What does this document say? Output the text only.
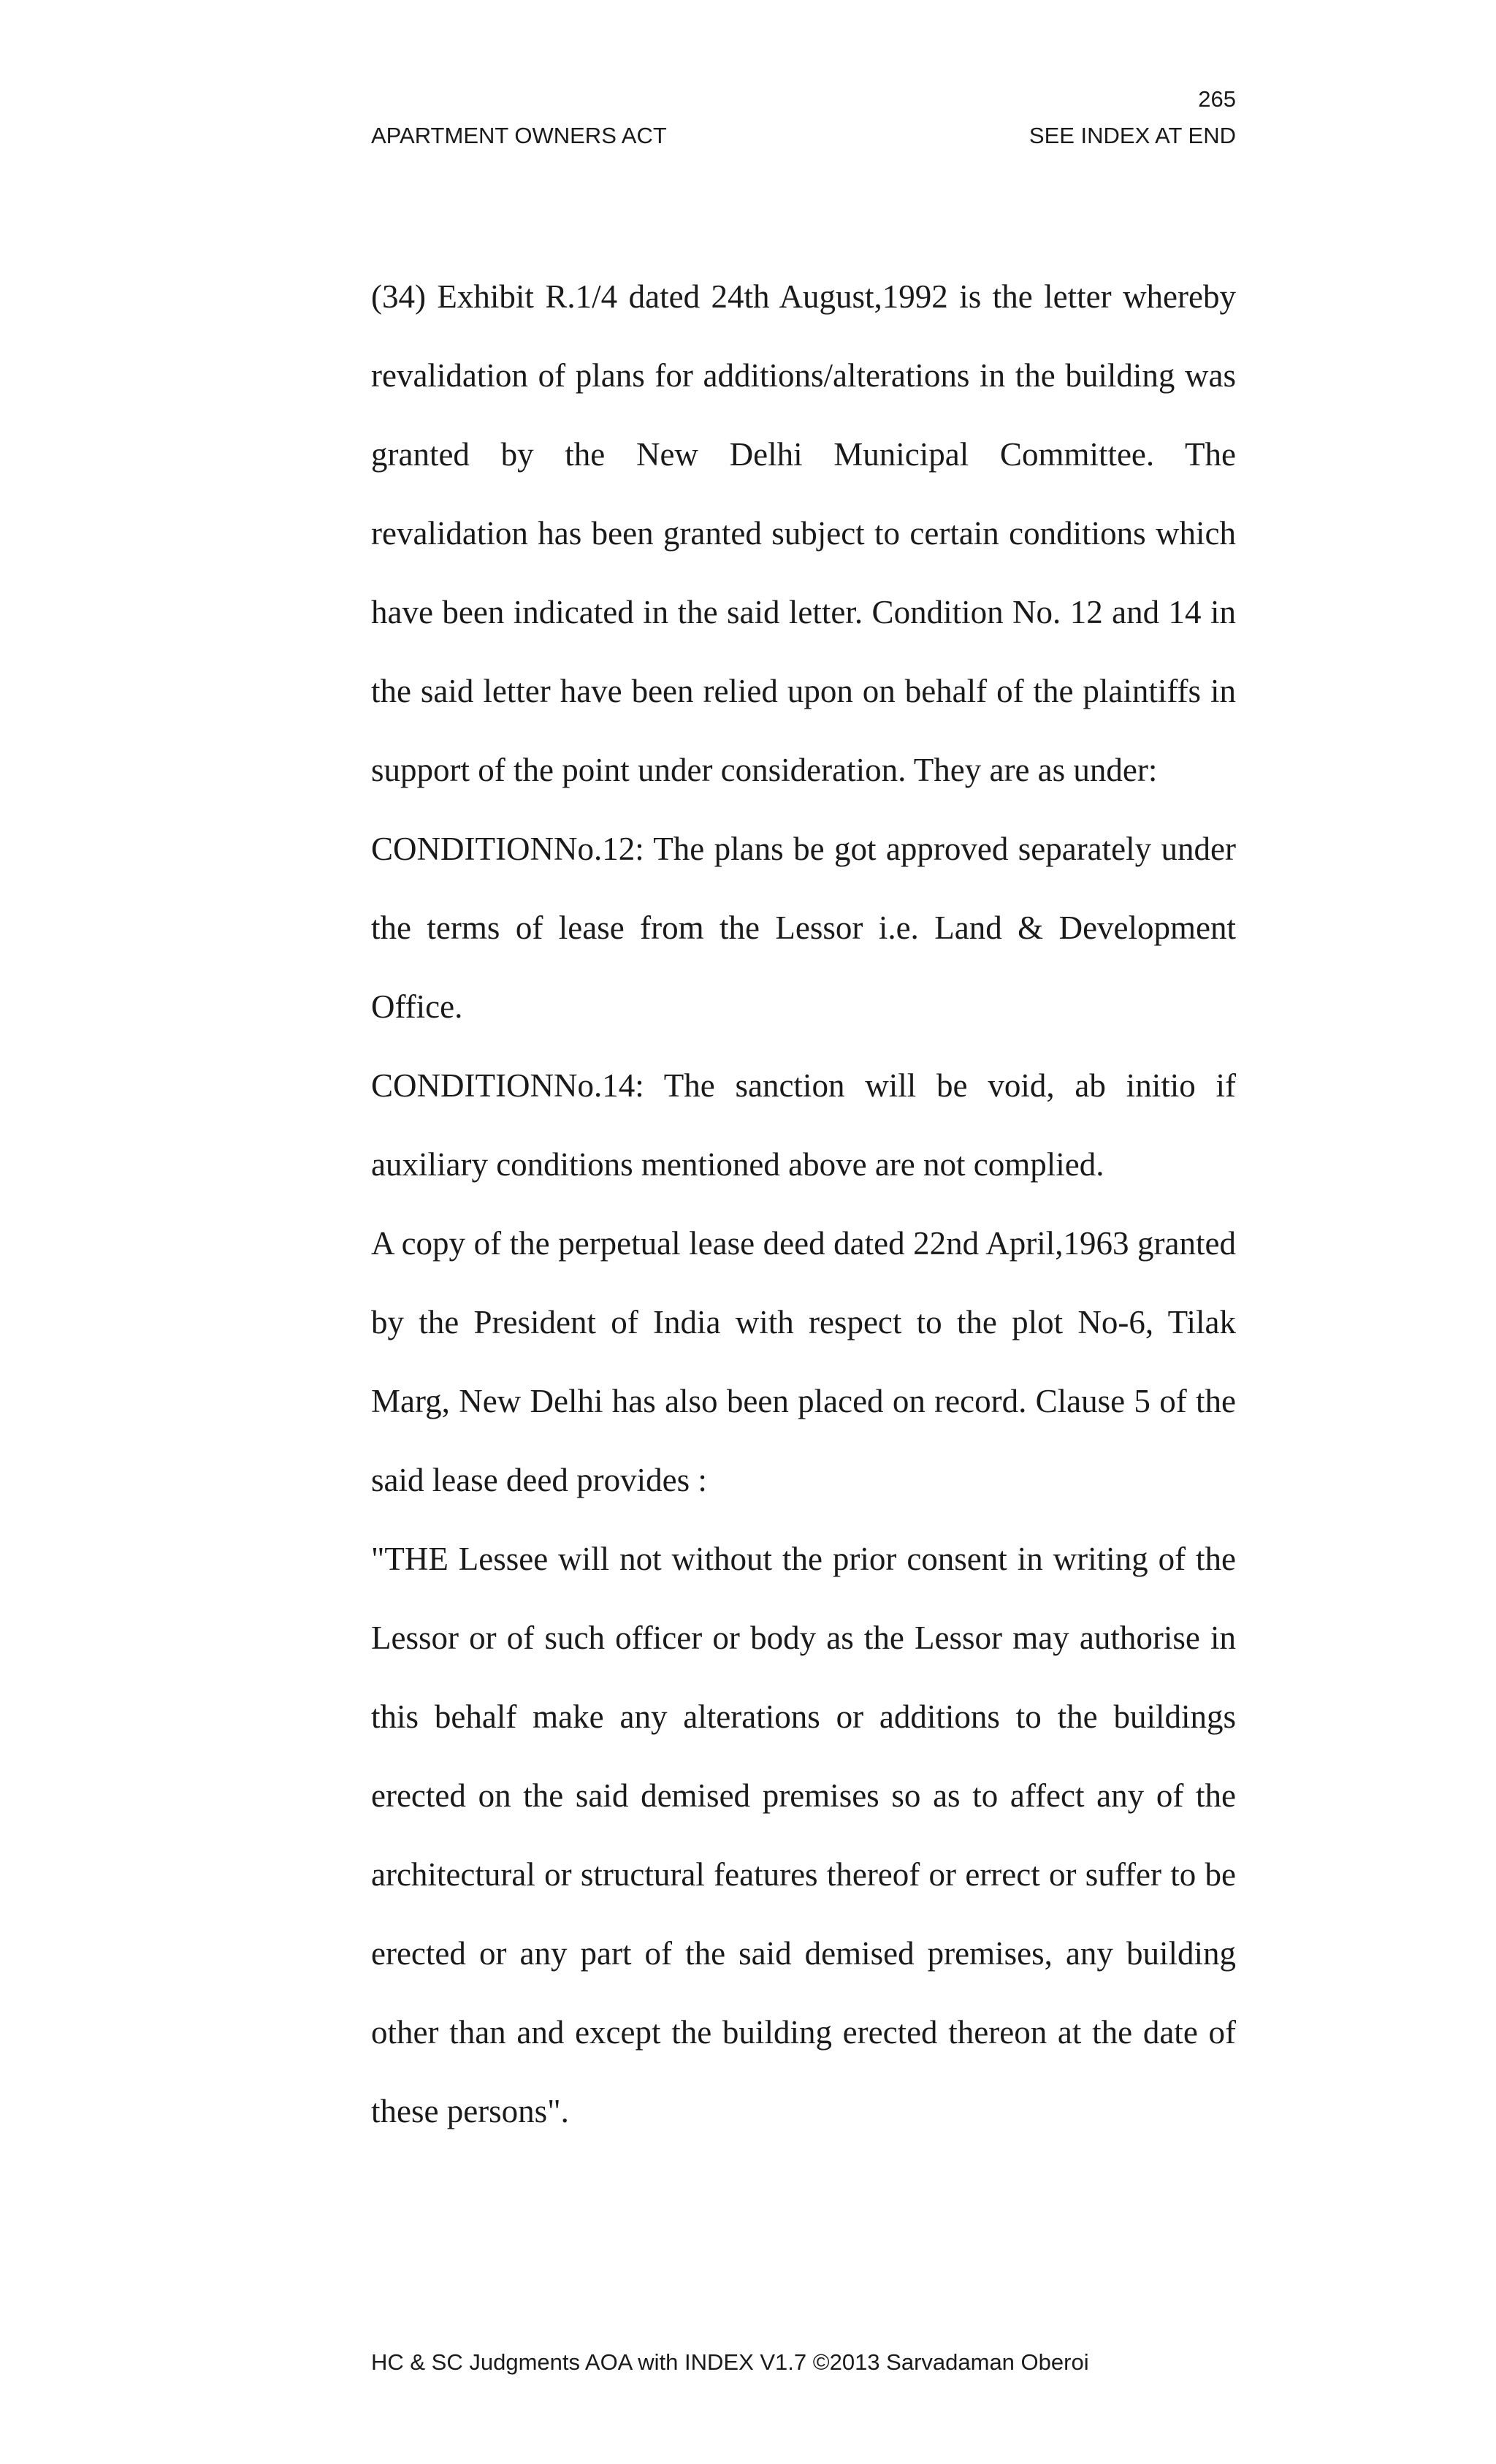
265
APARTMENT OWNERS ACT	SEE INDEX AT END

(34) Exhibit R.1/4 dated 24th August,1992 is the letter whereby revalidation of plans for additions/alterations in the building was granted by the New Delhi Municipal Committee. The revalidation has been granted subject to certain conditions which have been indicated in the said letter. Condition No. 12 and 14 in the said letter have been relied upon on behalf of the plaintiffs in support of the point under consideration. They are as under:

CONDITIONNo.12: The plans be got approved separately under the terms of lease from the Lessor i.e. Land & Development Office.

CONDITIONNo.14: The sanction will be void, ab initio if auxiliary conditions mentioned above are not complied.

A copy of the perpetual lease deed dated 22nd April,1963 granted by the President of India with respect to the plot No-6, Tilak Marg, New Delhi has also been placed on record. Clause 5 of the said lease deed provides :

"THE Lessee will not without the prior consent in writing of the Lessor or of such officer or body as the Lessor may authorise in this behalf make any alterations or additions to the buildings erected on the said demised premises so as to affect any of the architectural or structural features thereof or errect or suffer to be erected or any part of the said demised premises, any building other than and except the building erected thereon at the date of these persons".

HC & SC Judgments AOA with INDEX V1.7 ©2013 Sarvadaman Oberoi
